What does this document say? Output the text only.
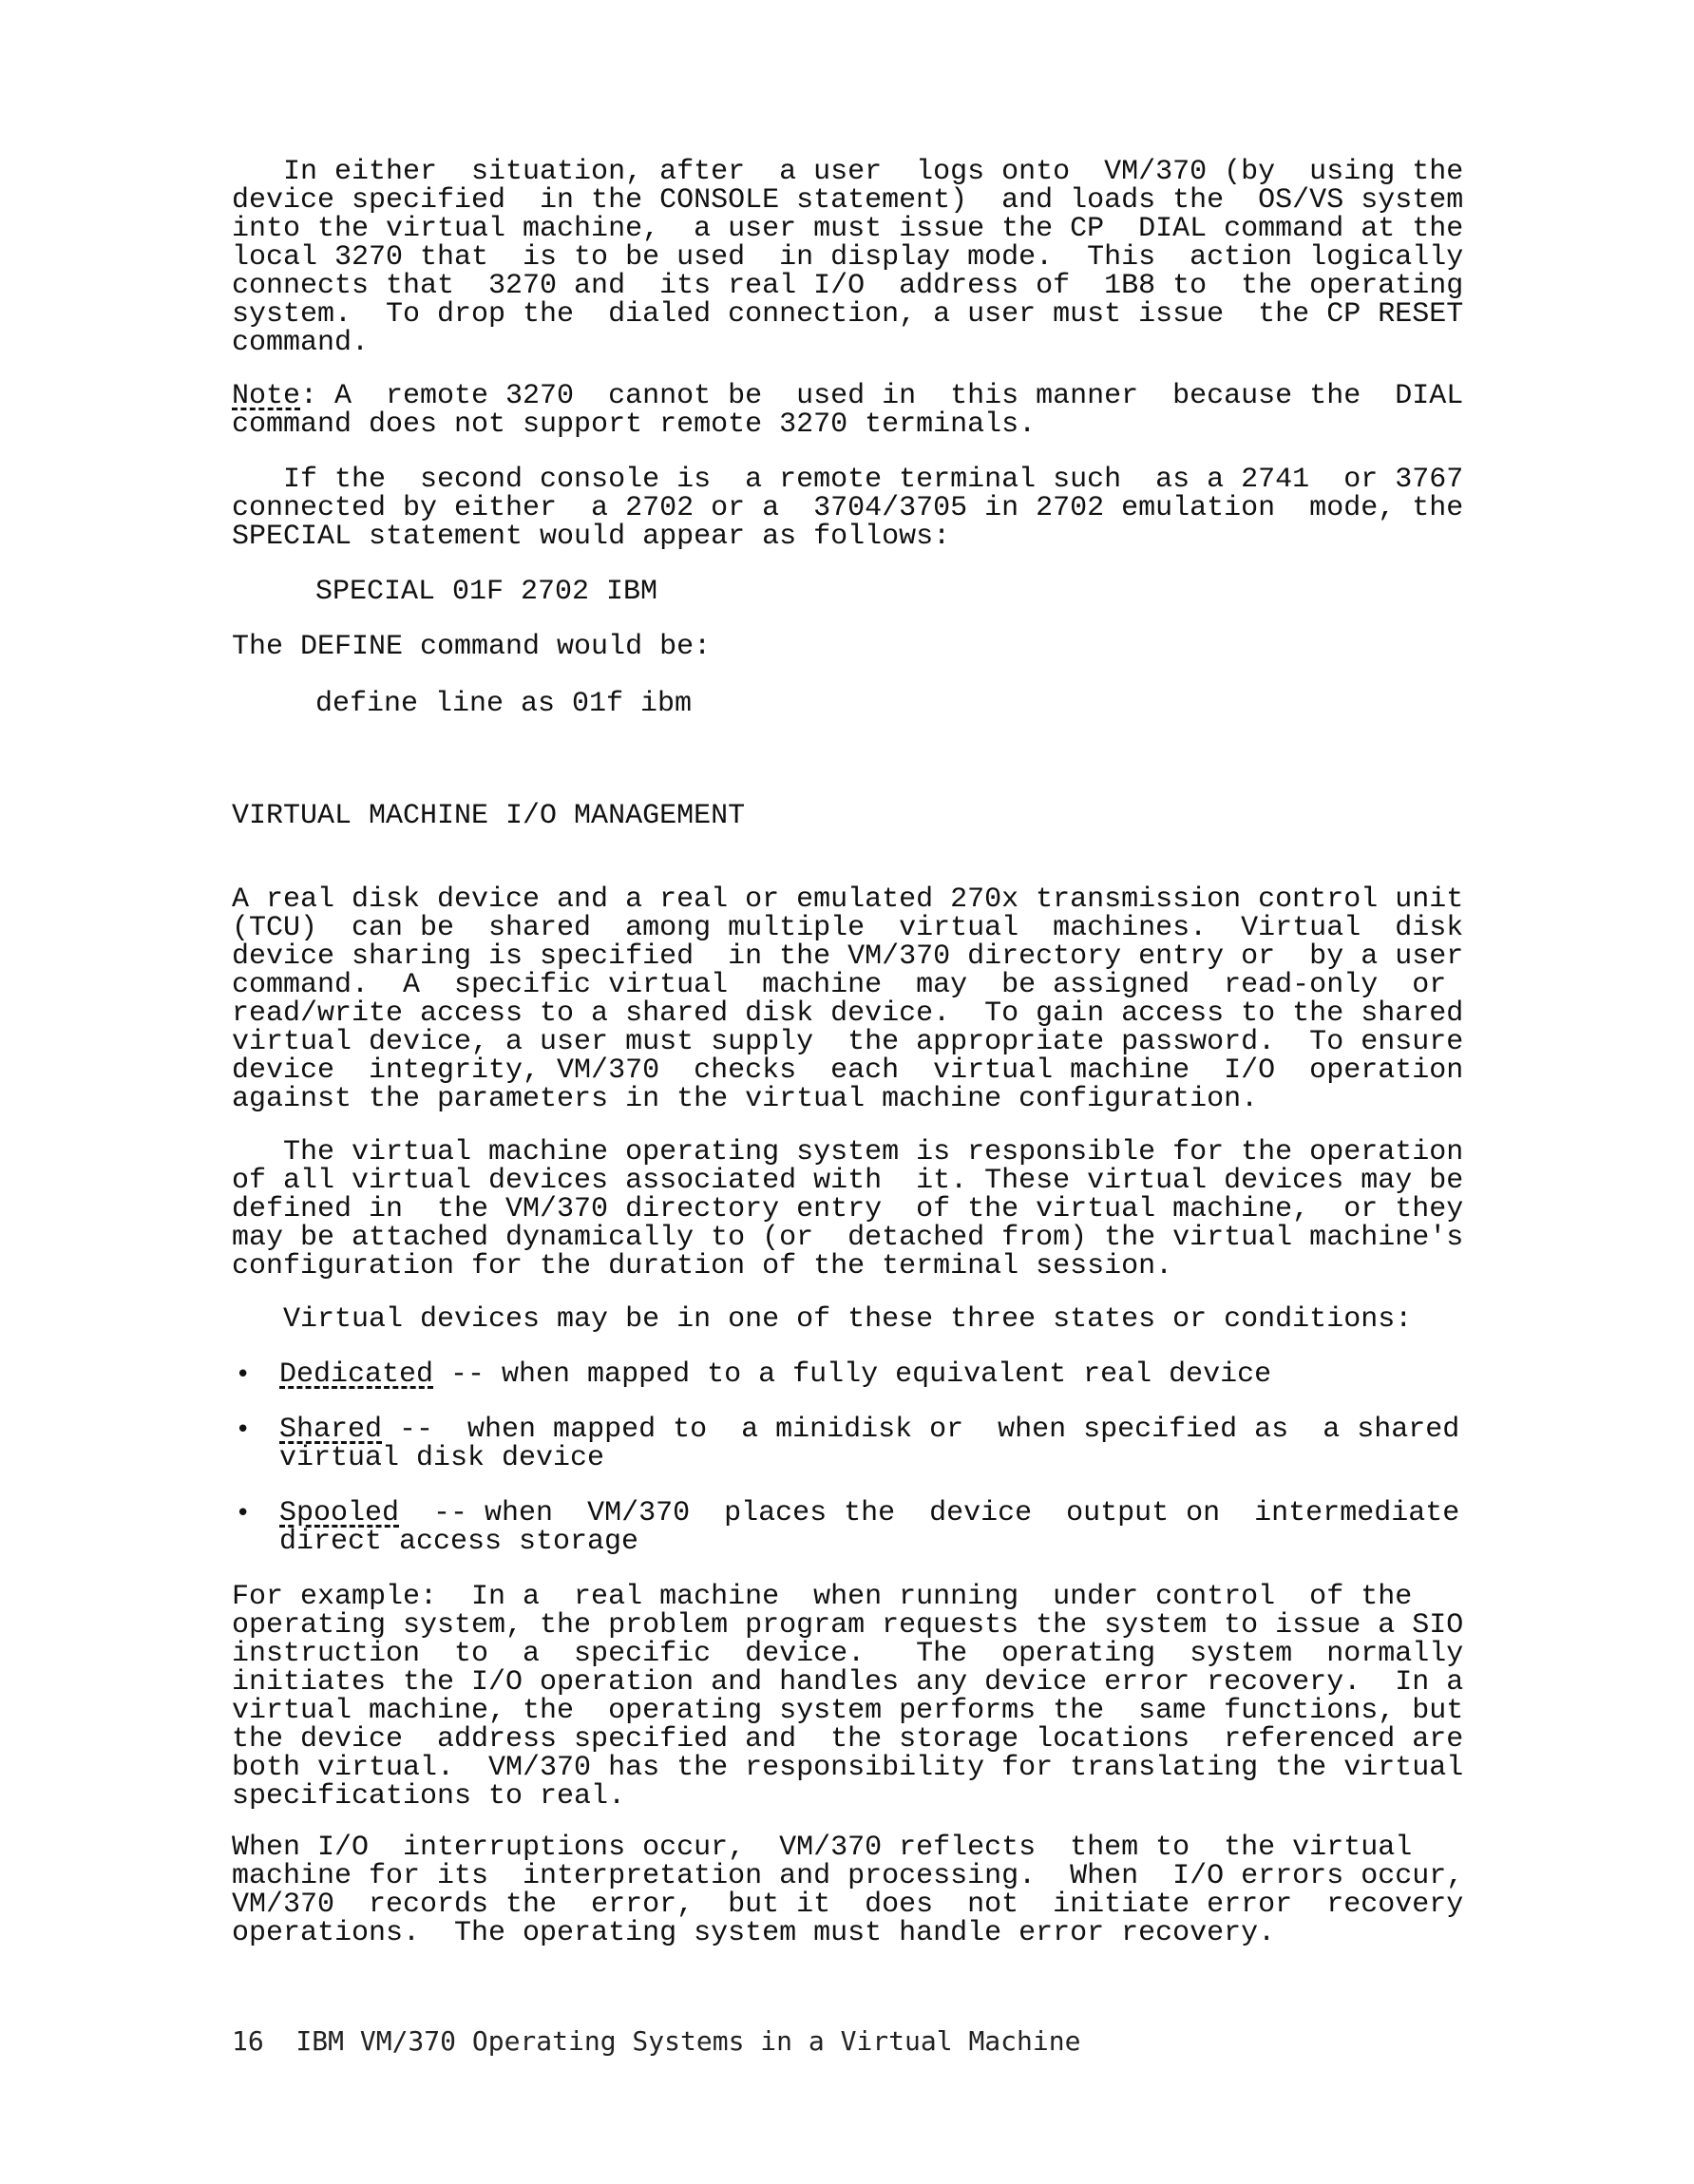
In either  situation, after  a user  logs onto  VM/370 (by  using the
device specified  in the CONSOLE statement)  and loads the  OS/VS system
into the virtual machine,  a user must issue the CP  DIAL command at the
local 3270 that  is to be used  in display mode.  This  action logically
connects that  3270 and  its real I/O  address of  1B8 to  the operating
system.  To drop the  dialed connection, a user must issue  the CP RESET
command.

Note: A  remote 3270  cannot be  used in  this manner  because the  DIAL
command does not support remote 3270 terminals.

If the  second console is  a remote terminal such  as a 2741  or 3767
connected by either  a 2702 or a  3704/3705 in 2702 emulation  mode, the
SPECIAL statement would appear as follows:

SPECIAL 01F 2702 IBM

The DEFINE command would be:

define line as 01f ibm

VIRTUAL MACHINE I/O MANAGEMENT

A real disk device and a real or emulated 270x transmission control unit
(TCU)  can be  shared  among multiple  virtual  machines.  Virtual  disk
device sharing is specified  in the VM/370 directory entry or  by a user
command.  A  specific virtual  machine  may  be assigned  read-only  or
read/write access to a shared disk device.  To gain access to the shared
virtual device, a user must supply  the appropriate password.  To ensure
device  integrity, VM/370  checks  each  virtual machine  I/O  operation
against the parameters in the virtual machine configuration.

The virtual machine operating system is responsible for the operation
of all virtual devices associated with  it. These virtual devices may be
defined in  the VM/370 directory entry  of the virtual machine,  or they
may be attached dynamically to (or  detached from) the virtual machine's
configuration for the duration of the terminal session.

Virtual devices may be in one of these three states or conditions:

• Dedicated -- when mapped to a fully equivalent real device

• Shared --  when mapped to  a minidisk or  when specified as  a shared
virtual disk device

• Spooled  -- when  VM/370  places the  device  output on  intermediate
direct access storage

For example:  In a  real machine  when running  under control  of the
operating system, the problem program requests the system to issue a SIO
instruction  to  a  specific  device.   The  operating  system  normally
initiates the I/O operation and handles any device error recovery.  In a
virtual machine, the  operating system performs the  same functions, but
the device  address specified and  the storage locations  referenced are
both virtual.  VM/370 has the responsibility for translating the virtual
specifications to real.

When I/O  interruptions occur,  VM/370 reflects  them to  the virtual
machine for its  interpretation and processing.  When  I/O errors occur,
VM/370  records the  error,  but it  does  not  initiate error  recovery
operations.  The operating system must handle error recovery.

16  IBM VM/370 Operating Systems in a Virtual Machine
